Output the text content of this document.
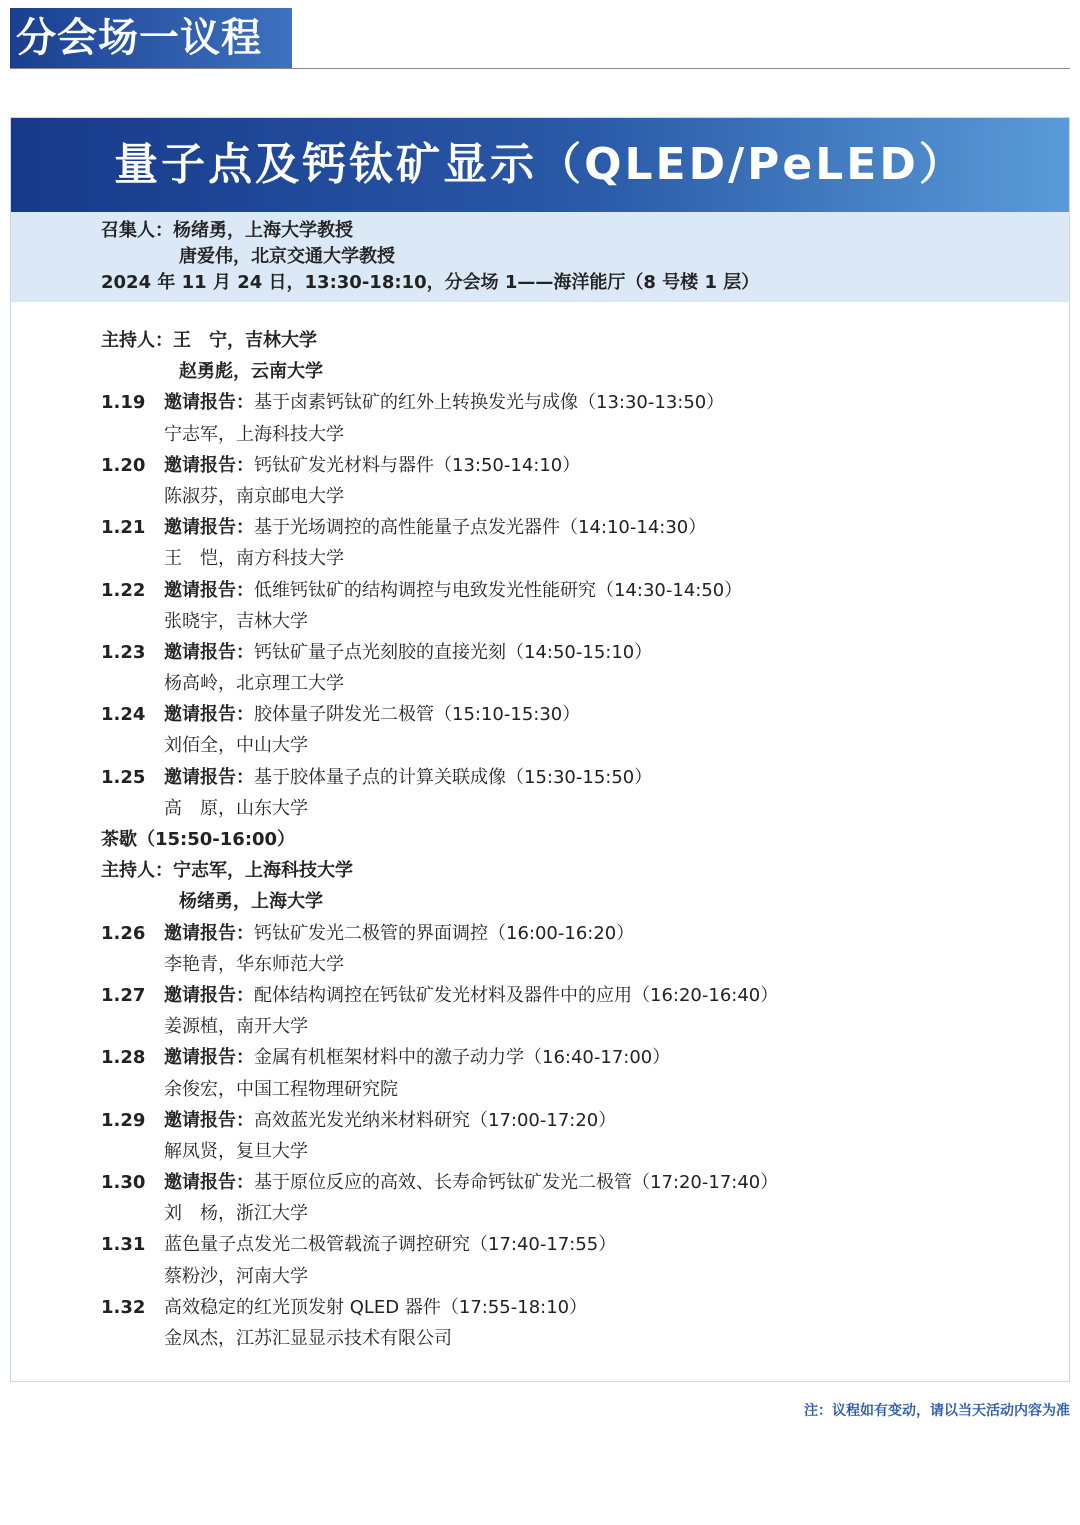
分会场一议程
量子点及钙钛矿显示（QLED/PeLED）
召集人：杨绪勇，上海大学教授
唐爱伟，北京交通大学教授
2024 年 11 月 24 日，13:30-18:10，分会场 1——海洋能厅（8 号楼 1 层）
主持人：王　宁，吉林大学
赵勇彪，云南大学
1.19 邀请报告：基于卤素钙钛矿的红外上转换发光与成像（13:30-13:50）
宁志军，上海科技大学
1.20 邀请报告：钙钛矿发光材料与器件（13:50-14:10）
陈淑芬，南京邮电大学
1.21 邀请报告：基于光场调控的高性能量子点发光器件（14:10-14:30）
王　恺，南方科技大学
1.22 邀请报告：低维钙钛矿的结构调控与电致发光性能研究（14:30-14:50）
张晓宇，吉林大学
1.23 邀请报告：钙钛矿量子点光刻胶的直接光刻（14:50-15:10）
杨高岭，北京理工大学
1.24 邀请报告：胶体量子阱发光二极管（15:10-15:30）
刘佰全，中山大学
1.25 邀请报告：基于胶体量子点的计算关联成像（15:30-15:50）
高　原，山东大学
茶歇（15:50-16:00）
主持人：宁志军，上海科技大学
杨绪勇，上海大学
1.26 邀请报告：钙钛矿发光二极管的界面调控（16:00-16:20）
李艳青，华东师范大学
1.27 邀请报告：配体结构调控在钙钛矿发光材料及器件中的应用（16:20-16:40）
姜源植，南开大学
1.28 邀请报告：金属有机框架材料中的激子动力学（16:40-17:00）
余俊宏，中国工程物理研究院
1.29 邀请报告：高效蓝光发光纳米材料研究（17:00-17:20）
解凤贤，复旦大学
1.30 邀请报告：基于原位反应的高效、长寿命钙钛矿发光二极管（17:20-17:40）
刘　杨，浙江大学
1.31 蓝色量子点发光二极管载流子调控研究（17:40-17:55）
蔡粉沙，河南大学
1.32 高效稳定的红光顶发射 QLED 器件（17:55-18:10）
金凤杰，江苏汇显显示技术有限公司
注：议程如有变动，请以当天活动内容为准
